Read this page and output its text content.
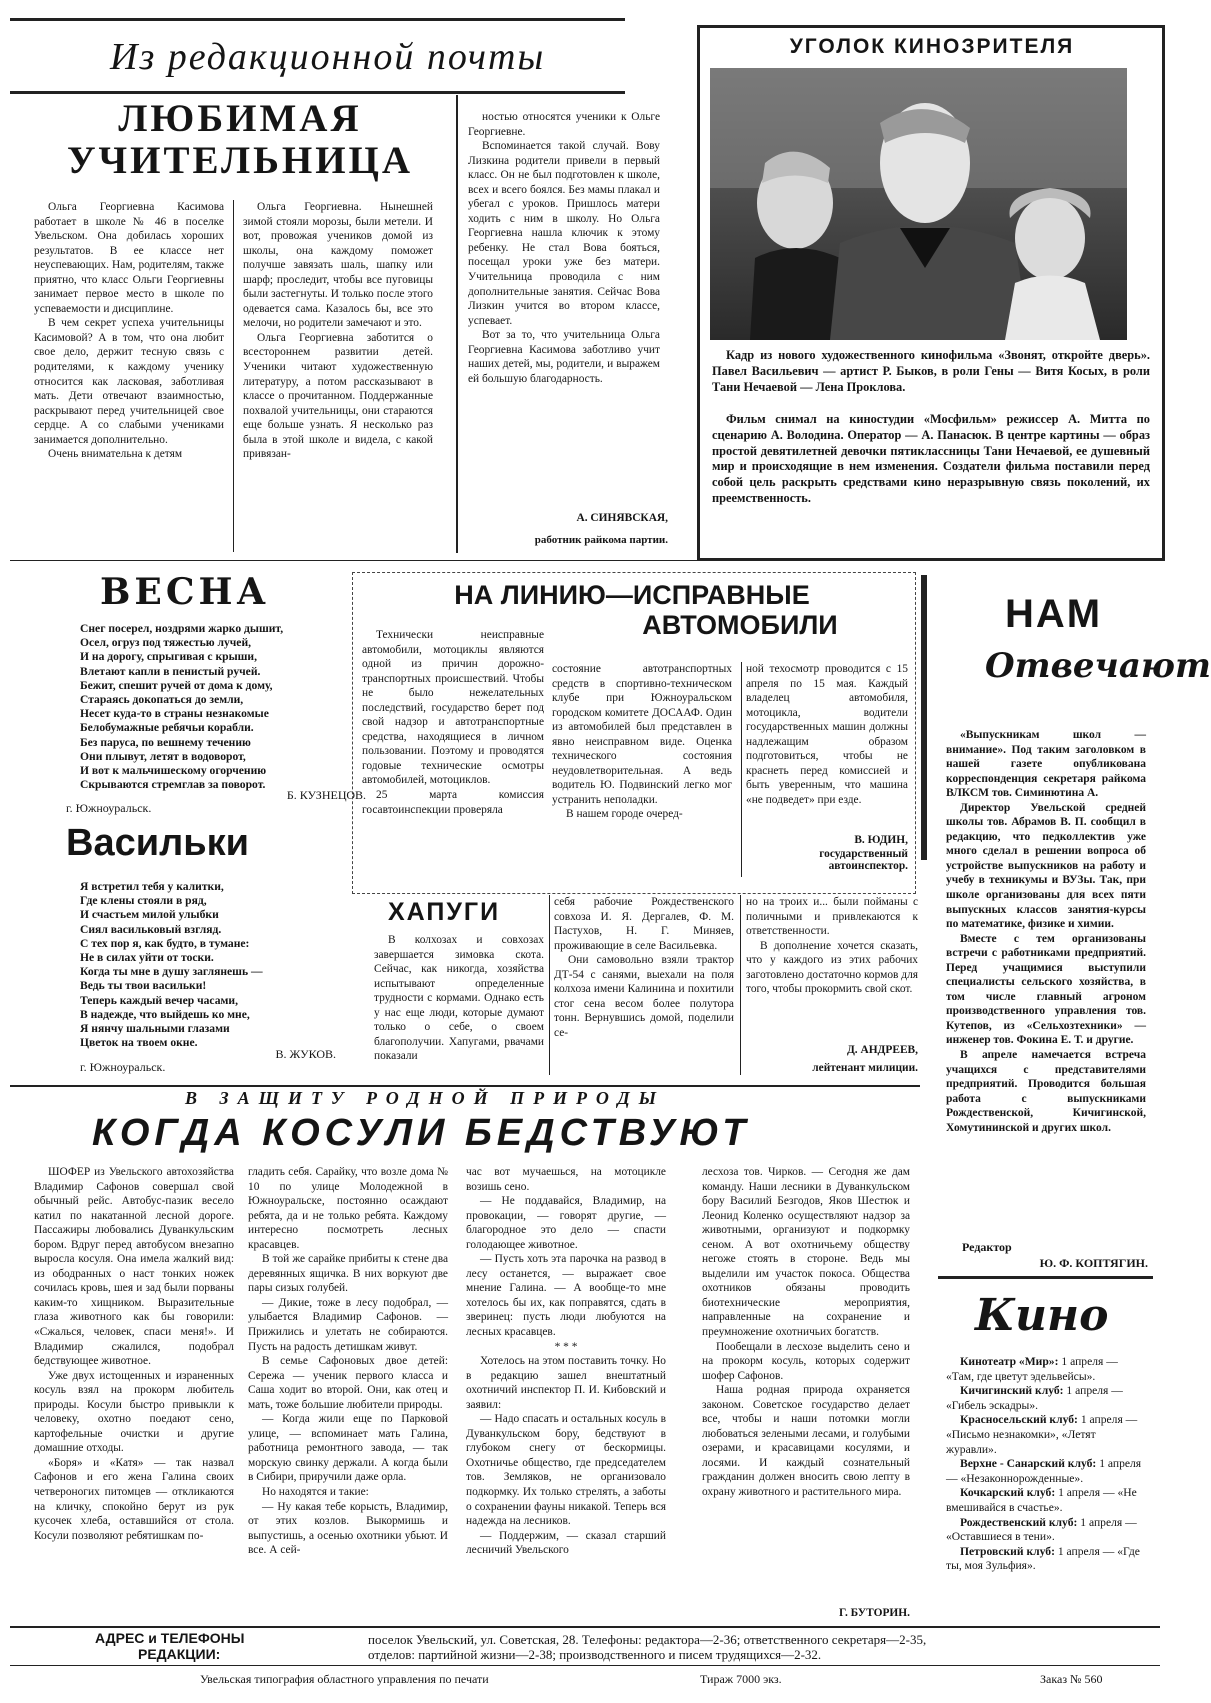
Из редакционной почты
ЛЮБИМАЯ УЧИТЕЛЬНИЦА

Ольга Георгиевна Касимова работает в школе № 46 в поселке Увельском. Она добилась хороших результатов. В ее классе нет неуспевающих. Нам, родителям, также приятно, что класс Ольги Георгиевны занимает первое место в школе по успеваемости и дисциплине.

В чем секрет успеха учительницы Касимовой? А в том, что она любит свое дело, держит тесную связь с родителями, к каждому ученику относится как ласковая, заботливая мать. Дети отвечают взаимностью, раскрывают перед учительницей свое сердце. А со слабыми учениками занимается дополнительно.

Очень внимательна к детям

Ольга Георгиевна. Нынешней зимой стояли морозы, были метели. И вот, провожая учеников домой из школы, она каждому поможет получше завязать шаль, шапку или шарф; проследит, чтобы все пуговицы были застегнуты. И только после этого одевается сама. Казалось бы, все это мелочи, но родители замечают и это.

Ольга Георгиевна заботится о всестороннем развитии детей. Ученики читают художественную литературу, а потом рассказывают в классе о прочитанном. Поддержанные похвалой учительницы, они стараются еще больше узнать. Я несколько раз была в этой школе и видела, с какой привязан-

ностью относятся ученики к Ольге Георгиевне.

Вспоминается такой случай. Вову Лизкина родители привели в первый класс. Он не был подготовлен к школе, всех и всего боялся. Без мамы плакал и убегал с уроков. Пришлось матери ходить с ним в школу. Но Ольга Георгиевна нашла ключик к этому ребенку. Не стал Вова бояться, посещал уроки уже без матери. Учительница проводила с ним дополнительные занятия. Сейчас Вова Лизкин учится во втором классе, успевает.

Вот за то, что учительница Ольга Георгиевна Касимова заботливо учит наших детей, мы, родители, и выражем ей большую благодарность.

А. СИНЯВСКАЯ,
работник райкома партии.
УГОЛОК КИНОЗРИТЕЛЯ
Кадр из нового художественного кинофильма «Звонят, откройте дверь». Павел Васильевич — артист Р. Быков, в роли Гены — Витя Косых, в роли Тани Нечаевой — Лена Проклова.
Фильм снимал на киностудии «Мосфильм» режиссер А. Митта по сценарию А. Володина. Оператор — А. Панасюк. В центре картины — образ простой девятилетней девочки пятиклассницы Тани Нечаевой, ее душевный мир и происходящие в нем изменения. Создатели фильма поставили перед собой цель раскрыть средствами кино неразрывную связь поколений, их преемственность.
ВЕСНА
Снег посерел, ноздрями жарко дышит,
Осел, огруз под тяжестью лучей,
И на дорогу, спрыгивая с крыши,
Влетают капли в пенистый ручей.
Бежит, спешит ручей от дома к дому,
Стараясь докопаться до земли,
Несет куда-то в страны незнакомые
Белобумажные ребячьи корабли.
Без паруса, по вешнему течению
Они плывут, летят в водоворот,
И вот к мальчишескому огорчению
Скрываются стремглав за поворот.
Б. КУЗНЕЦОВ.
г. Южноуральск.
Васильки
Я встретил тебя у калитки,
Где клены стояли в ряд,
И счастьем милой улыбки
Сиял васильковый взгляд.
С тех пор я, как будто, в тумане:
Не в силах уйти от тоски.
Когда ты мне в душу заглянешь —
Ведь ты твои васильки!
Теперь каждый вечер часами,
В надежде, что выйдешь ко мне,
Я нянчу шальными глазами
Цветок на твоем окне.
В. ЖУКОВ.
г. Южноуральск.
НА ЛИНИЮ—ИСПРАВНЫЕ
АВТОМОБИЛИ

Технически неисправные автомобили, мотоциклы являются одной из причин дорожно-транспортных происшествий. Чтобы не было нежелательных последствий, государство берет под свой надзор и автотранспортные средства, находящиеся в личном пользовании. Поэтому и проводятся годовые технические осмотры автомобилей, мотоциклов.

25 марта комиссия госавтоинспекции проверяла

состояние автотранспортных средств в спортивно-техническом клубе при Южноуральском городском комитете ДОСААФ. Один из автомобилей был представлен в явно неисправном виде. Оценка технического состояния неудовлетворительная. А ведь водитель Ю. Подвинский легко мог устранить неполадки.

В нашем городе очеред-

ной техосмотр проводится с 15 апреля по 15 мая. Каждый владелец автомобиля, мотоцикла, водители государственных машин должны надлежащим образом подготовиться, чтобы не краснеть перед комиссией и быть уверенным, что машина «не подведет» при езде.

В. ЮДИН,
государственный автоинспектор.
ХАПУГИ

В колхозах и совхозах завершается зимовка скота. Сейчас, как никогда, хозяйства испытывают определенные трудности с кормами. Однако есть у нас еще люди, которые думают только о себе, о своем благополучии. Хапугами, рвачами показали

себя рабочие Рождественского совхоза И. Я. Дергалев, Ф. М. Пастухов, Н. Г. Миняев, проживающие в селе Васильевка.

Они самовольно взяли трактор ДТ-54 с санями, выехали на поля колхоза имени Калинина и похитили стог сена весом более полутора тонн. Вернувшись домой, поделили се-

но на троих и... были пойманы с поличными и привлекаются к ответственности.

В дополнение хочется сказать, что у каждого из этих рабочих заготовлено достаточно кормов для того, чтобы прокормить свой скот.

Д. АНДРЕЕВ,
лейтенант милиции.
НАМ
Отвечают

«Выпускникам школ — внимание». Под таким заголовком в нашей газете опубликована корреспонденция секретаря райкома ВЛКСМ тов. Симинютина А.

Директор Увельской средней школы тов. Абрамов В. П. сообщил в редакцию, что педколлектив уже много сделал в решении вопроса об устройстве выпускников на работу и учебу в техникумы и ВУЗы. Так, при школе организованы для всех пяти выпускных классов занятия-курсы по математике, физике и химии.

Вместе с тем организованы встречи с работниками предприятий. Перед учащимися выступили специалисты сельского хозяйства, в том числе главный агроном производственного управления тов. Кутепов, из «Сельхозтехники» — инженер тов. Фокина Е. Т. и другие.

В апреле намечается встреча учащихся с представителями предприятий. Проводится большая работа с выпускниками Рождественской, Кичигинской, Хомутининской и других школ.

Редактор
Ю. Ф. КОПТЯГИН.
Кино

Кинотеатр «Мир»: 1 апреля — «Там, где цветут эдельвейсы».

Кичигинский клуб: 1 апреля — «Гибель эскадры».

Красносельский клуб: 1 апреля — «Письмо незнакомки», «Летят журавли».

Верхне - Санарский клуб: 1 апреля — «Незаконнорожденные».

Кочкарский клуб: 1 апреля — «Не вмешивайся в счастье».

Рождественский клуб: 1 апреля — «Оставшиеся в тени».

Петровский клуб: 1 апреля — «Где ты, моя Зульфия».

В ЗАЩИТУ РОДНОЙ ПРИРОДЫ
КОГДА КОСУЛИ БЕДСТВУЮТ

ШОФЕР из Увельского автохозяйства Владимир Сафонов совершал свой обычный рейс. Автобус-пазик весело катил по накатанной лесной дороге. Пассажиры любовались Дуванкульским бором. Вдруг перед автобусом внезапно выросла косуля. Она имела жалкий вид: из ободранных о наст тонких ножек сочилась кровь, шея и зад были порваны каким-то хищником. Выразительные глаза животного как бы говорили: «Сжалься, человек, спаси меня!». И Владимир сжалился, подобрал бедствующее животное.

Уже двух истощенных и израненных косуль взял на прокорм любитель природы. Косули быстро привыкли к человеку, охотно поедают сено, картофельные очистки и другие домашние отходы.

«Боря» и «Катя» — так назвал Сафонов и его жена Галина своих четвероногих питомцев — откликаются на кличку, спокойно берут из рук кусочек хлеба, оставшийся от стола. Косули позволяют ребятишкам по-

гладить себя. Сарайку, что возле дома № 10 по улице Молодежной в Южноуральске, постоянно осаждают ребята, да и не только ребята. Каждому интересно посмотреть лесных красавцев.

В той же сарайке прибиты к стене два деревянных ящичка. В них воркуют две пары сизых голубей.

— Дикие, тоже в лесу подобрал, — улыбается Владимир Сафонов. — Прижились и улетать не собираются. Пусть на радость детишкам живут.

В семье Сафоновых двое детей: Сережа — ученик первого класса и Саша ходит во второй. Они, как отец и мать, тоже большие любители природы.

— Когда жили еще по Парковой улице, — вспоминает мать Галина, работница ремонтного завода, — так морскую свинку держали. А когда были в Сибири, приручили даже орла.

Но находятся и такие:

— Ну какая тебе корысть, Владимир, от этих козлов. Выкормишь и выпустишь, а осенью охотники убьют. И все. А сей-

час вот мучаешься, на мотоцикле возишь сено.

— Не поддавайся, Владимир, на провокации, — говорят другие, — благородное это дело — спасти голодающее животное.

— Пусть хоть эта парочка на развод в лесу останется, — выражает свое мнение Галина. — А вообще-то мне хотелось бы их, как поправятся, сдать в зверинец: пусть люди любуются на лесных красавцев.

* * *

Хотелось на этом поставить точку. Но в редакцию зашел внештатный охотничий инспектор П. И. Кибовский и заявил:

— Надо спасать и остальных косуль в Дуванкульском бору, бедствуют в глубоком снегу от бескормицы. Охотничье общество, где председателем тов. Земляков, не организовало подкормку. Их только стрелять, а заботы о сохранении фауны никакой. Теперь вся надежда на лесников.

— Поддержим, — сказал старший лесничий Увельского

лесхоза тов. Чирков. — Сегодня же дам команду. Наши лесники в Дуванкульском бору Василий Безгодов, Яков Шестюк и Леонид Коленко осуществляют надзор за животными, организуют и подкормку сеном. А вот охотничьему обществу негоже стоять в стороне. Ведь мы выделили им участок покоса. Общества охотников обязаны проводить биотехнические мероприятия, направленные на сохранение и преумножение охотничьих богатств.

Пообещали в лесхозе выделить сено и на прокорм косуль, которых содержит шофер Сафонов.

Наша родная природа охраняется законом. Советское государство делает все, чтобы и наши потомки могли любоваться зелеными лесами, и голубыми озерами, и красавицами косулями, и лосями. И каждый сознательный гражданин должен вносить свою лепту в охрану животного и растительного мира.

Г. БУТОРИН.
АДРЕС и ТЕЛЕФОНЫ
РЕДАКЦИИ:
поселок Увельский, ул. Советская, 28. Телефоны: редактора—2-36; ответственного секретаря—2-35,
отделов: партийной жизни—2-38; производственного и писем трудящихся—2-32.
Увельская типография областного управления по печати	Тираж 7000 экз.	Заказ № 560
